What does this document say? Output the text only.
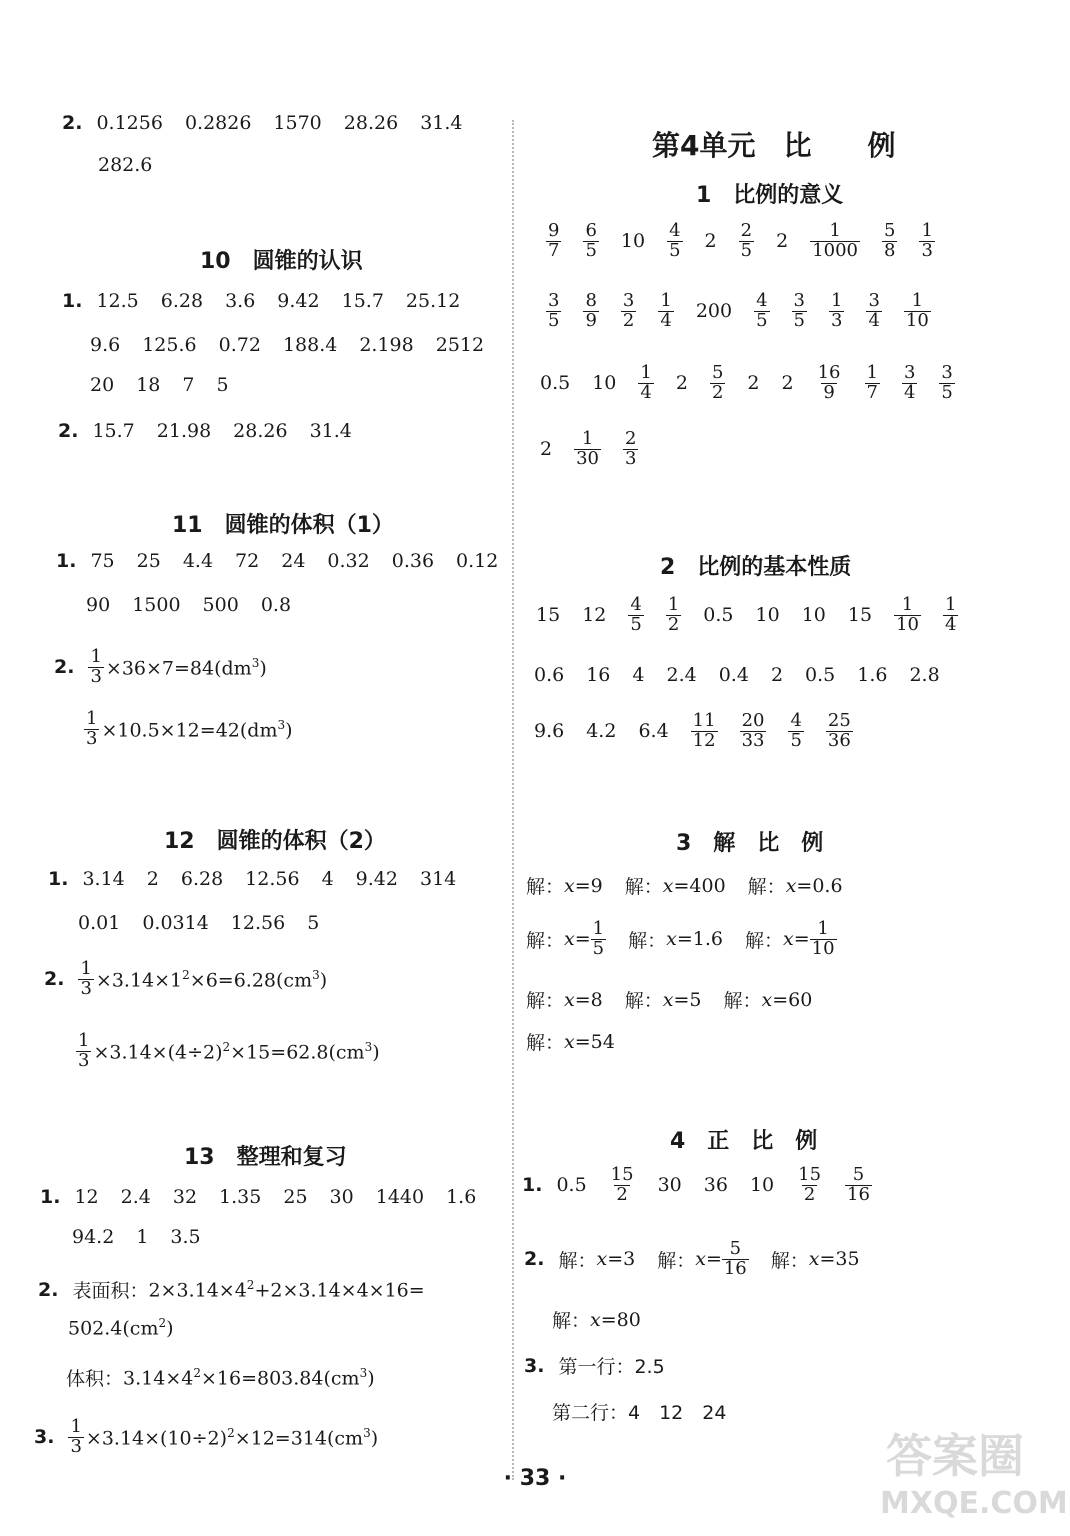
2. 0.1256 0.2826 1570 28.26 31.4
282.6
10　圆锥的认识
1. 12.5 6.28 3.6 9.42 15.7 25.12
9.6 125.6 0.72 188.4 2.198 2512
20 18 7 5
2. 15.7 21.98 28.26 31.4
11　圆锥的体积（1）
1. 75 25 4.4 72 24 0.32 0.36 0.12
90 1500 500 0.8
2. $\frac{1}{3} \times 36\times 7=84(dm^3)$
$\frac{1}{3} \times 10.5\times 12=42(dm^3)$
12　圆锥的体积（2）
1. 3.14 2 6.28 12.56 4 9.42 314
0.01 0.0314 12.56 5
2. $\frac{1}{3} \times 3.14\times 1^2\times 6=6.28(cm^3)$
$\frac{1}{3} \times 3.14\times(4\div 2)^2\times 15=62.8(cm^3)$
13　整理和复习
1. 12 2.4 32 1.35 25 30 1440 1.6
94.2 1 3.5
2. 表面积： $2\times 3.14\times 4^2+2\times 3.14\times 4\times 16=$
$502.4(cm^2)$
体积： $3.14\times 4^2\times 16=803.84(cm^3)$
3. $\frac{1}{3} \times 3.14\times(10\div 2)^2\times 12=314(cm^3)$
第4单元　比　　例
1　比例的意义
$\frac{9}{7} \frac{6}{5} 10 \frac{4}{5} 2 \frac{2}{5} 2 \frac{1}{1000} \frac{5}{8} \frac{1}{3}$
$\frac{3}{5} \frac{8}{9} \frac{3}{2} \frac{1}{4} 200 \frac{4}{5} \frac{3}{5} \frac{1}{3} \frac{3}{4} \frac{1}{10}$
0.5 $10 \frac{1}{4} 2 \frac{5}{2} 2$ $2 \frac{16}{9} \frac{1}{7} \frac{3}{4} \frac{3}{5}$
$2 \frac{1}{30} \frac{2}{3}$
2　比例的基本性质
15 $12 \frac{4}{5} \frac{1}{2} 0.5$ 10 10 $15 \frac{1}{10} \frac{1}{4}$
0.6 16 4 2.4 0.4 2 0.5 1.6 2.8
9.6 4.2 $6.4 \frac{11}{12} \frac{20}{33} \frac{4}{5} \frac{25}{36}$
3　解　比　例
解： x = 9 解： x = 400 解： x = 0.6
解： $x = \frac{1}{5}$ 解： x = 1.6 解： $x = \frac{1}{10}$
解： x = 8 解： x = 5 解： x = 60
解： x = 54
4　正　比　例
1. $0.5 \frac{15}{2} 30$ 36 $10 \frac{15}{2} \frac{5}{16}$
2. 解： x = 3 解： $x = \frac{5}{16}$ 解： x = 35
解： x = 80
3. 第一行：2.5
第二行：4　12　24
· 33 ·	答案圈
MXQE.COM
